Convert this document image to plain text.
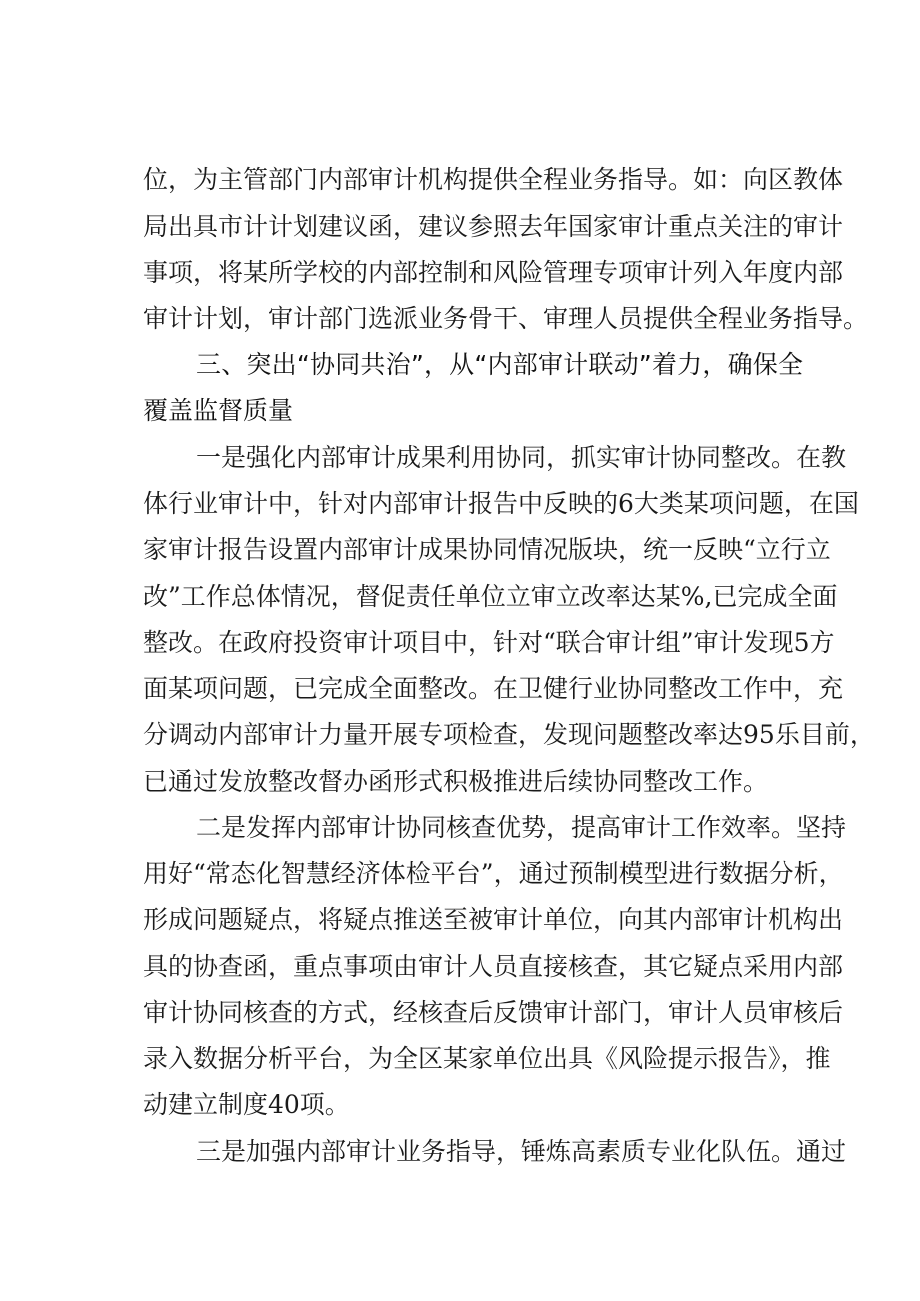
位，为主管部门内部审计机构提供全程业务指导。如：向区教体
局出具市计计划建议函，建议参照去年国家审计重点关注的审计
事项，将某所学校的内部控制和风险管理专项审计列入年度内部
审计计划，审计部门选派业务骨干、审理人员提供全程业务指导。
三、突出“协同共治”，从“内部审计联动”着力，确保全
覆盖监督质量
一是强化内部审计成果利用协同，抓实审计协同整改。在教
体行业审计中，针对内部审计报告中反映的6大类某项问题，在国
家审计报告设置内部审计成果协同情况版块，统一反映“立行立
改”工作总体情况，督促责任单位立审立改率达某%,已完成全面
整改。在政府投资审计项目中，针对“联合审计组”审计发现5方
面某项问题，已完成全面整改。在卫健行业协同整改工作中，充
分调动内部审计力量开展专项检查，发现问题整改率达95乐目前，
已通过发放整改督办函形式积极推进后续协同整改工作。
二是发挥内部审计协同核查优势，提高审计工作效率。坚持
用好“常态化智慧经济体检平台”，通过预制模型进行数据分析，
形成问题疑点，将疑点推送至被审计单位，向其内部审计机构出
具的协查函，重点事项由审计人员直接核查，其它疑点采用内部
审计协同核查的方式，经核查后反馈审计部门，审计人员审核后
录入数据分析平台，为全区某家单位出具《风险提示报告》，推
动建立制度40项。
三是加强内部审计业务指导，锤炼高素质专业化队伍。通过
